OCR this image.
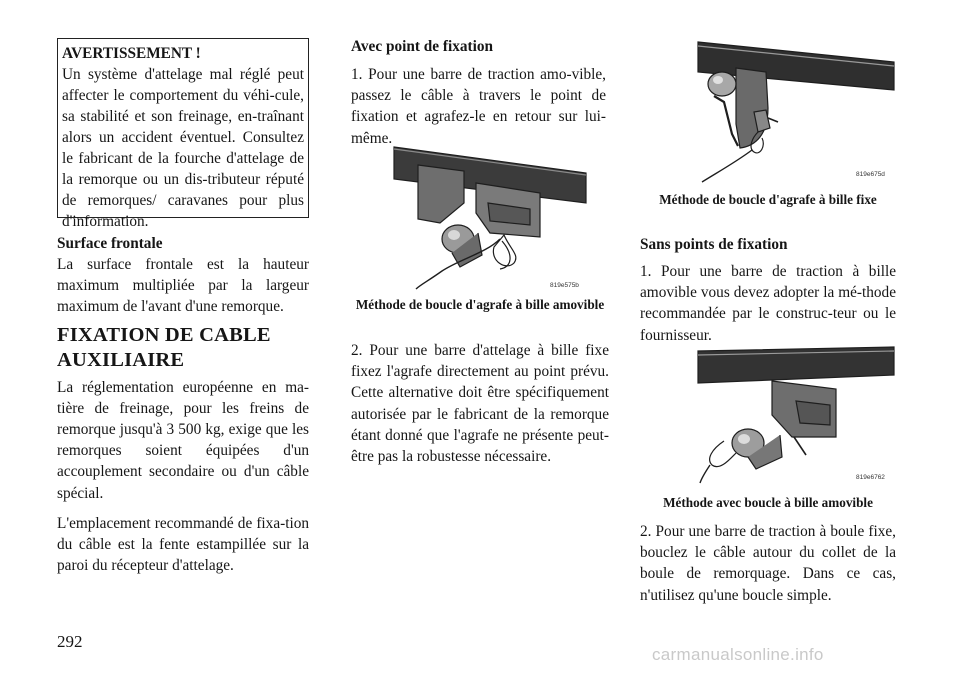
AVERTISSEMENT !
Un système d'attelage mal réglé peut affecter le comportement du véhi-cule, sa stabilité et son freinage, en-traînant alors un accident éventuel. Consultez le fabricant de la fourche d'attelage de la remorque ou un dis-tributeur réputé de remorques/ caravanes pour plus d'information.
Surface frontale

La surface frontale est la hauteur maximum multipliée par la largeur maximum de l'avant d'une remorque.

FIXATION DE CABLE
AUXILIAIRE

La réglementation européenne en ma-tière de freinage, pour les freins de remorque jusqu'à 3 500 kg, exige que les remorques soient équipées d'un accouplement secondaire ou d'un câble spécial.

L'emplacement recommandé de fixa-tion du câble est la fente estampillée sur la paroi du récepteur d'attelage.

Avec point de fixation

1. Pour une barre de traction amo-vible, passez le câble à travers le point de fixation et agrafez-le en retour sur lui-même.

819e575b
Méthode de boucle d'agrafe à bille amovible

2. Pour une barre d'attelage à bille fixe fixez l'agrafe directement au point prévu. Cette alternative doit être spécifiquement autorisée par le fabricant de la remorque étant donné que l'agrafe ne présente peut-être pas la robustesse nécessaire.

819e675d
Méthode de boucle d'agrafe à bille fixe
Sans points de fixation

1. Pour une barre de traction à bille amovible vous devez adopter la mé-thode recommandée par le construc-teur ou le fournisseur.

819e6762
Méthode avec boucle à bille amovible

2. Pour une barre de traction à boule fixe, bouclez le câble autour du collet de la boule de remorquage. Dans ce cas, n'utilisez qu'une boucle simple.

292
carmanualsonline.info
